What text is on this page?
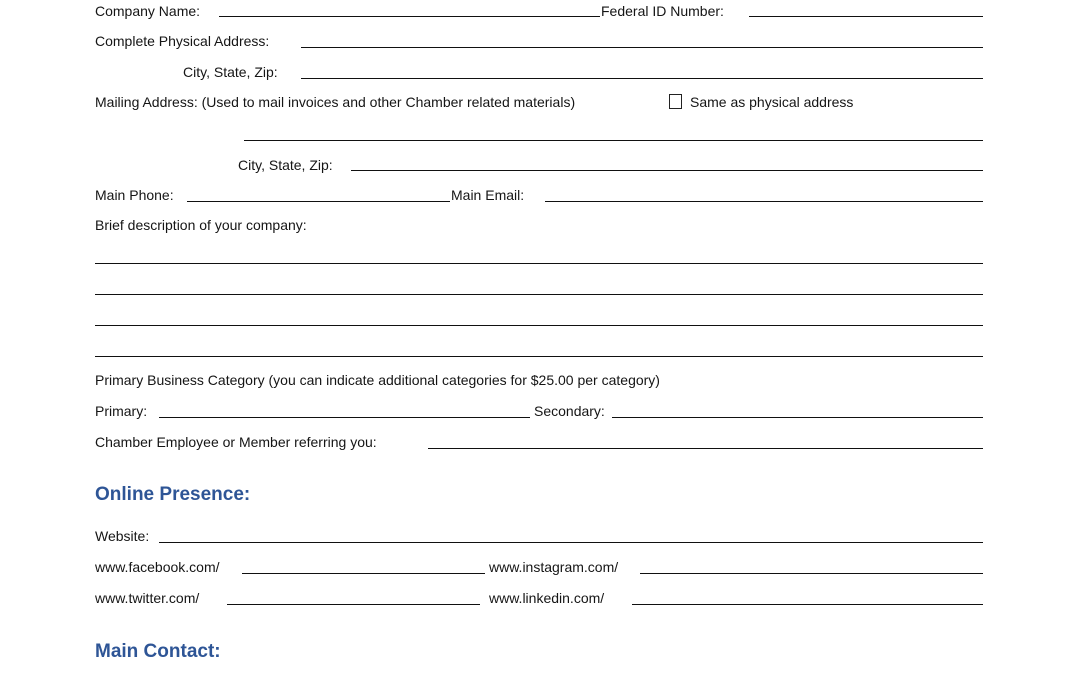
Company Name:	Federal ID Number:
Complete Physical Address:
City, State, Zip:
Mailing Address: (Used to mail invoices and other Chamber related materials)	Same as physical address
City, State, Zip:
Main Phone:	Main Email:
Brief description of your company:
Primary Business Category (you can indicate additional categories for $25.00 per category)
Primary:	Secondary:
Chamber Employee or Member referring you:
Online Presence:
Website:
www.facebook.com/	www.instagram.com/
www.twitter.com/	www.linkedin.com/
Main Contact:
